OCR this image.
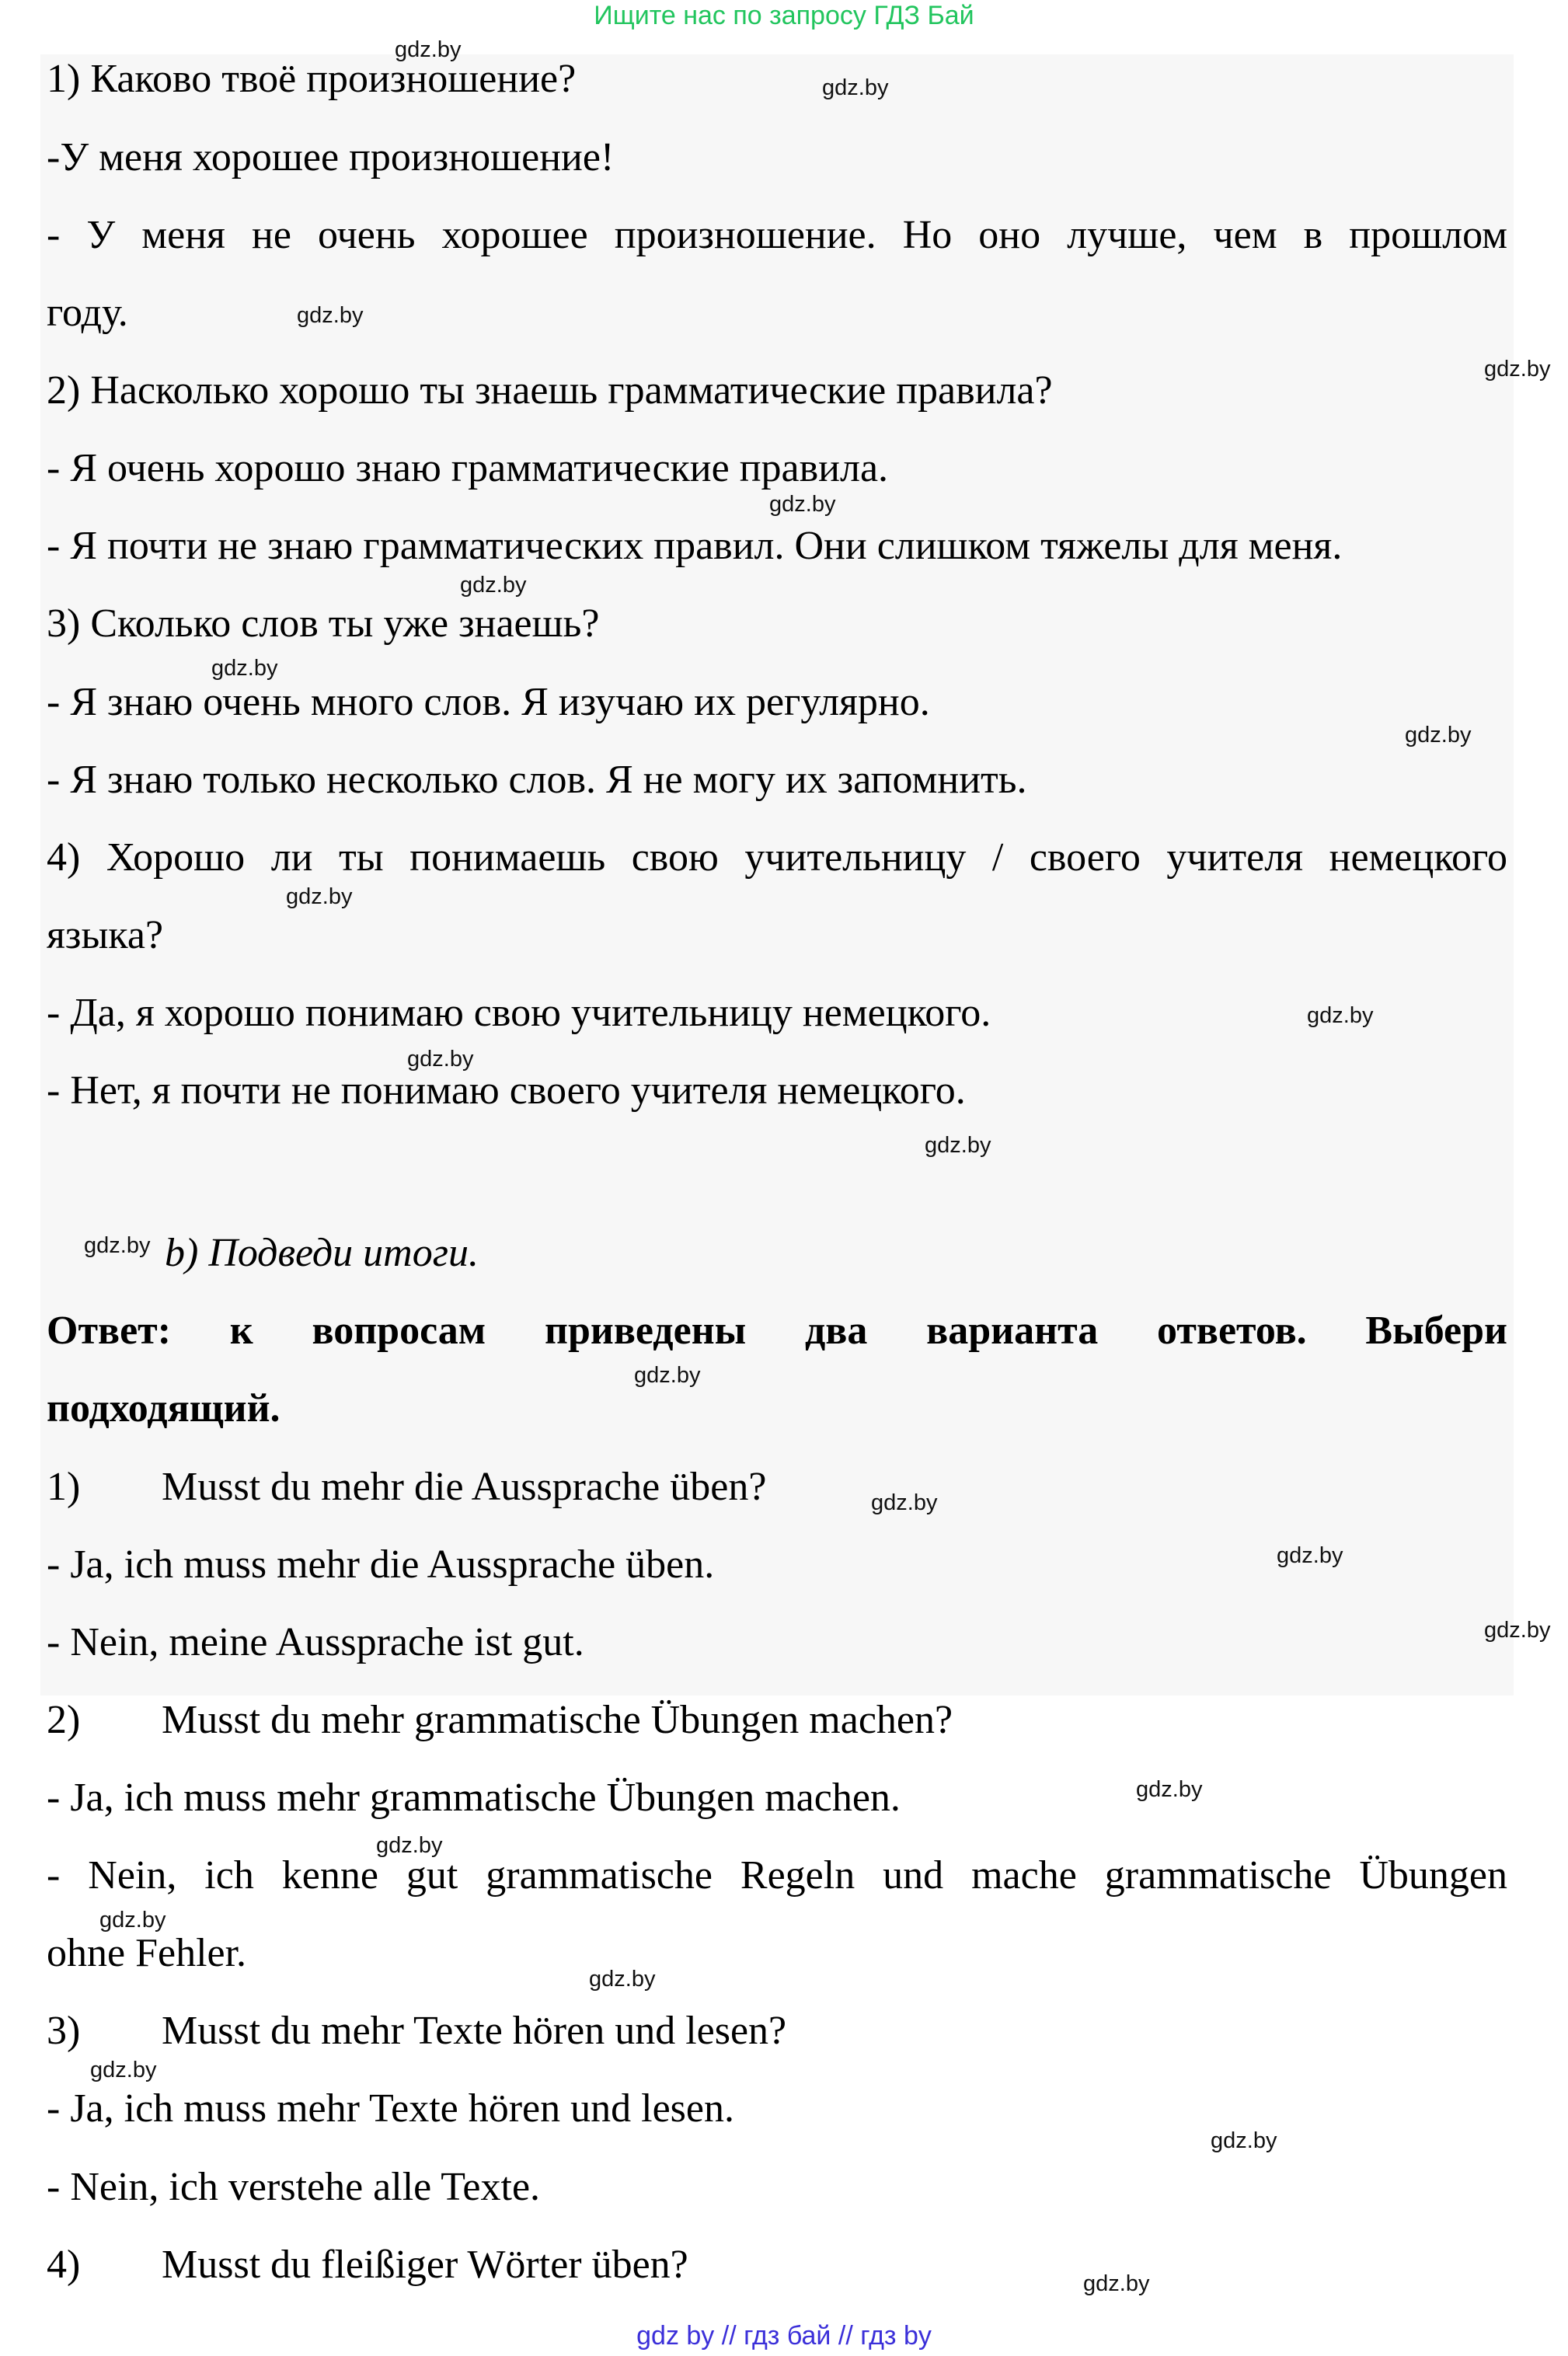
Ищите нас по запросу ГДЗ Бай
1) Каково твоё произношение?
-У меня хорошее произношение!
- У меня не очень хорошее произношение. Но оно лучше, чем в прошлом
году.
2) Насколько хорошо ты знаешь грамматические правила?
- Я очень хорошо знаю грамматические правила.
- Я почти не знаю грамматических правил. Они слишком тяжелы для меня.
3) Сколько слов ты уже знаешь?
- Я знаю очень много слов. Я изучаю их регулярно.
- Я знаю только несколько слов. Я не могу их запомнить.
4) Хорошо ли ты понимаешь свою учительницу / своего учителя немецкого
языка?
- Да, я хорошо понимаю свою учительницу немецкого.
- Нет, я почти не понимаю своего учителя немецкого.
b) Подведи итоги.
Ответ: к вопросам приведены два варианта ответов. Выбери
подходящий.
1) Musst du mehr die Aussprache üben?
- Ja, ich muss mehr die Aussprache üben.
- Nein, meine Aussprache ist gut.
2) Musst du mehr grammatische Übungen machen?
- Ja, ich muss mehr grammatische Übungen machen.
- Nein, ich kenne gut grammatische Regeln und mache grammatische Übungen
ohne Fehler.
3) Musst du mehr Texte hören und lesen?
- Ja, ich muss mehr Texte hören und lesen.
- Nein, ich verstehe alle Texte.
4) Musst du fleißiger Wörter üben?
gdz.by
gdz.by
gdz.by
gdz.by
gdz.by
gdz.by
gdz.by
gdz.by
gdz.by
gdz.by
gdz.by
gdz.by
gdz.by
gdz.by
gdz.by
gdz.by
gdz.by
gdz.by
gdz.by
gdz.by
gdz.by
gdz.by
gdz.by
gdz.by
gdz by // гдз бай // гдз by
